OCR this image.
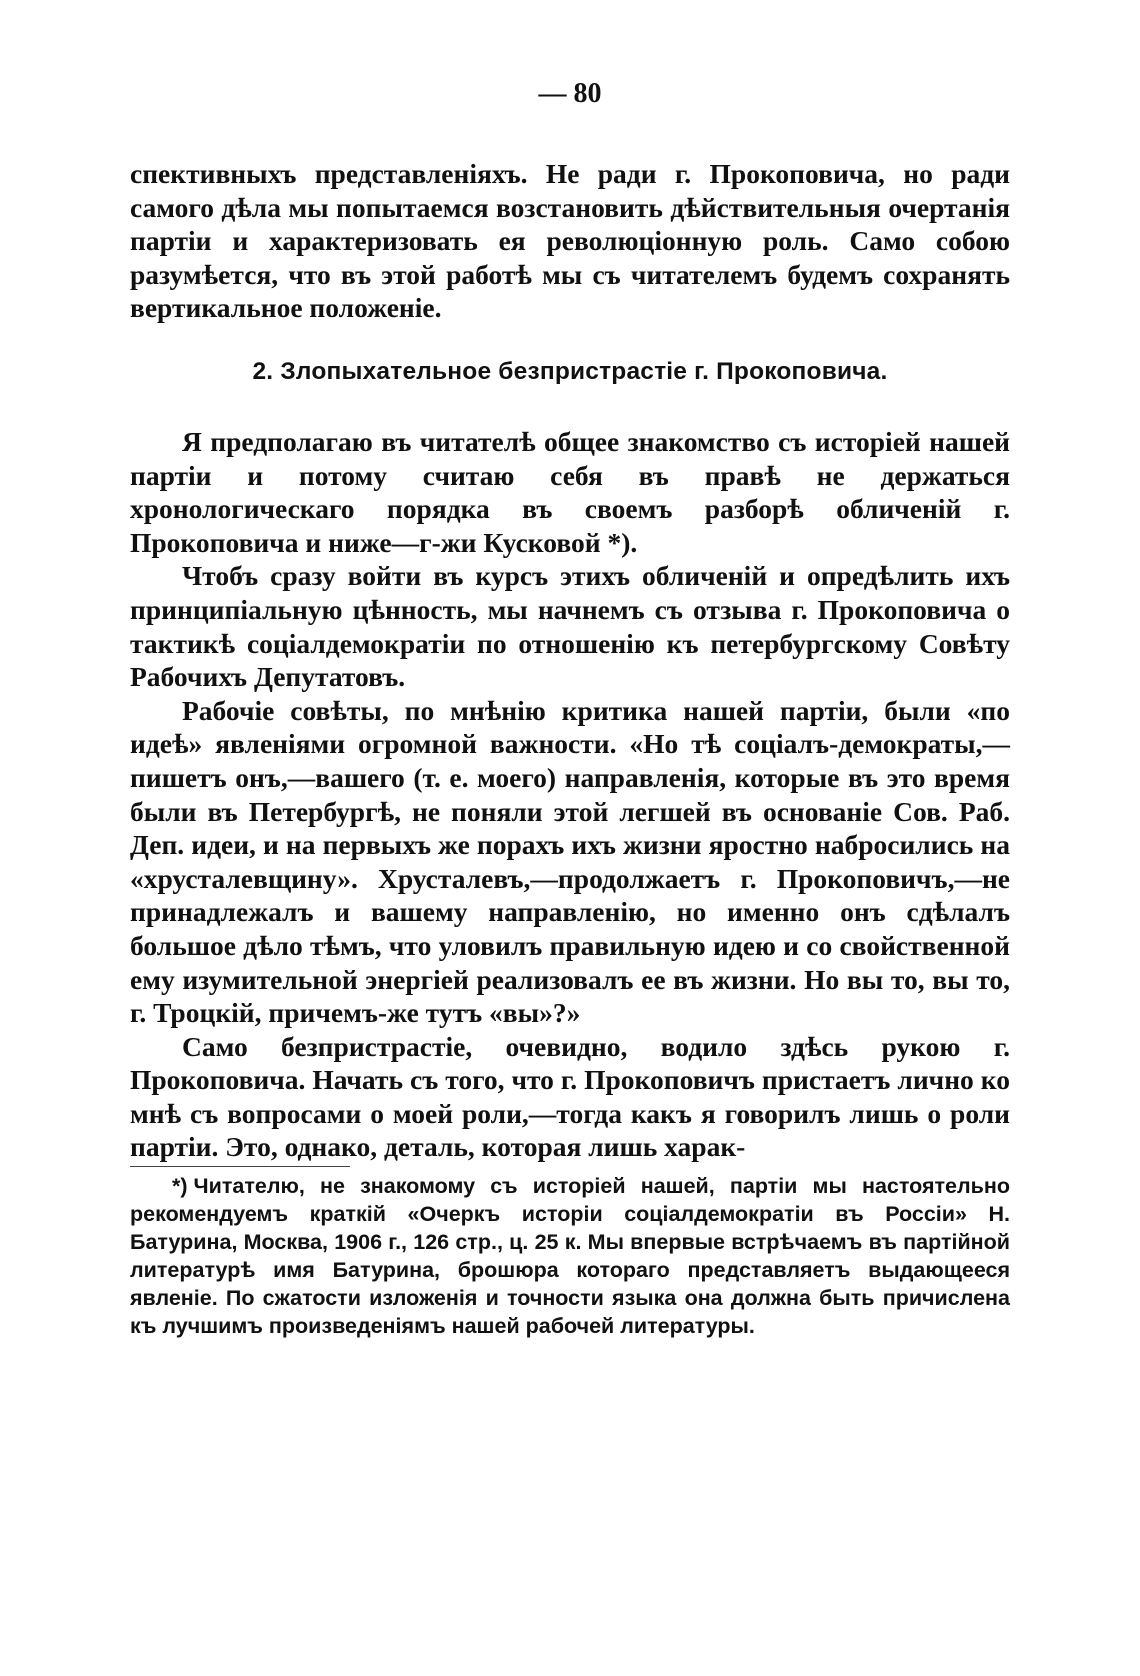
— 80

спективныхъ представленіяхъ. Не ради г. Прокоповича, но ради самого дѣла мы попытаемся возстановить дѣйствительныя очертанія партіи и характеризовать ея революціонную роль. Само собою разумѣется, что въ этой работѣ мы съ читателемъ будемъ сохранять вертикальное положеніе.

2. Злопыхательное безпристрастіе г. Прокоповича.

Я предполагаю въ читателѣ общее знакомство съ исторіей нашей партіи и потому считаю себя въ правѣ не держаться хронологическаго порядка въ своемъ разборѣ обличеній г. Прокоповича и ниже—г-жи Кусковой *).

Чтобъ сразу войти въ курсъ этихъ обличеній и опредѣлить ихъ принципіальную цѣнность, мы начнемъ съ отзыва г. Прокоповича о тактикѣ соціалдемократіи по отношенію къ петербургскому Совѣту Рабочихъ Депутатовъ.

Рабочіе совѣты, по мнѣнію критика нашей партіи, были «по идеѣ» явленіями огромной важности. «Но тѣ соціалъ-демократы,—пишетъ онъ,—вашего (т. е. моего) направленія, которые въ это время были въ Петербургѣ, не поняли этой легшей въ основаніе Сов. Раб. Деп. идеи, и на первыхъ же порахъ ихъ жизни яростно набросились на «хрусталевщину». Хрусталевъ,—продолжаетъ г. Прокоповичъ,—не принадлежалъ и вашему направленію, но именно онъ сдѣлалъ большое дѣло тѣмъ, что уловилъ правильную идею и со свойственной ему изумительной энергіей реализовалъ ее въ жизни. Но вы то, вы то, г. Троцкій, причемъ-же тутъ «вы»?»

Само безпристрастіе, очевидно, водило здѣсь рукою г. Прокоповича. Начать съ того, что г. Прокоповичъ пристаетъ лично ко мнѣ съ вопросами о моей роли,—тогда какъ я говорилъ лишь о роли партіи. Это, однако, деталь, которая лишь харак-

*) Читателю, не знакомому съ исторіей нашей, партіи мы настоятельно рекомендуемъ краткій «Очеркъ исторіи соціалдемократіи въ Россіи» Н. Батурина, Москва, 1906 г., 126 стр., ц. 25 к. Мы впервые встрѣчаемъ въ партійной литературѣ имя Батурина, брошюра котораго представляетъ выдающееся явленіе. По сжатости изложенія и точности языка она должна быть причислена къ лучшимъ произведеніямъ нашей рабочей литературы.
